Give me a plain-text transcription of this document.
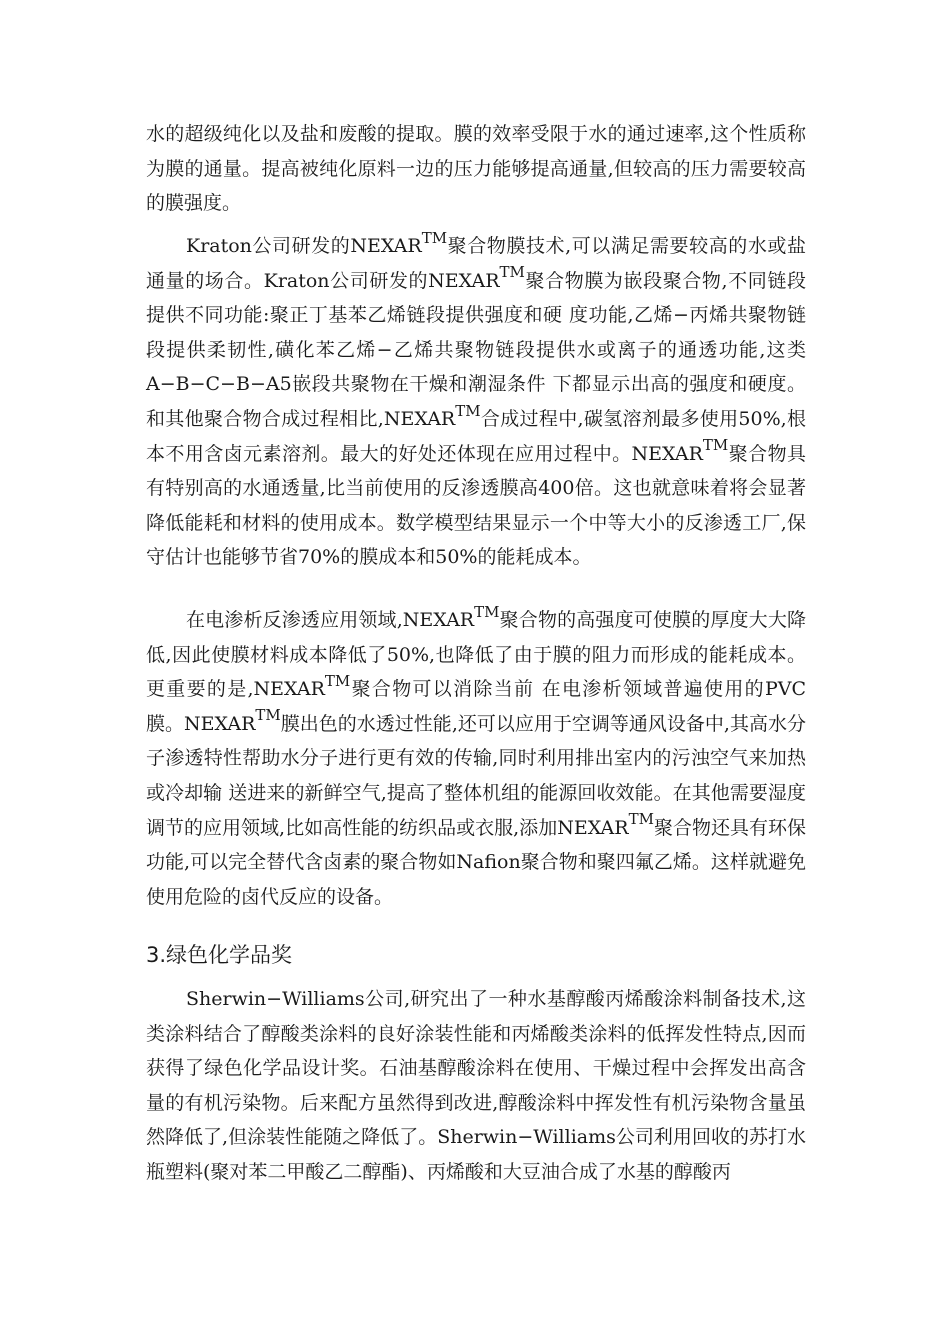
水的超级纯化以及盐和废酸的提取。膜的效率受限于水的通过速率,这个性质称为膜的通量。提高被纯化原料一边的压力能够提高通量,但较高的压力需要较高的膜强度。

Kraton公司研发的NEXAR™聚合物膜技术,可以满足需要较高的水或盐通量的场合。Kraton公司研发的NEXAR™聚合物膜为嵌段聚合物,不同链段提供不同功能:聚正丁基苯乙烯链段提供强度和硬 度功能,乙烯−丙烯共聚物链段提供柔韧性,磺化苯乙烯−乙烯共聚物链段提供水或离子的通透功能,这类A−B−C−B−A5嵌段共聚物在干燥和潮湿条件 下都显示出高的强度和硬度。和其他聚合物合成过程相比,NEXAR™合成过程中,碳氢溶剂最多使用50%,根本不用含卤元素溶剂。最大的好处还体现在应用过程中。NEXAR™聚合物具有特别高的水通透量,比当前使用的反渗透膜高400倍。这也就意味着将会显著降低能耗和材料的使用成本。数学模型结果显示一个中等大小的反渗透工厂,保守估计也能够节省70%的膜成本和50%的能耗成本。

在电渗析反渗透应用领域,NEXAR™聚合物的高强度可使膜的厚度大大降低,因此使膜材料成本降低了50%,也降低了由于膜的阻力而形成的能耗成本。更重要的是,NEXAR™聚合物可以消除当前 在电渗析领域普遍使用的PVC膜。NEXAR™膜出色的水透过性能,还可以应用于空调等通风设备中,其高水分子渗透特性帮助水分子进行更有效的传输,同时利用排出室内的污浊空气来加热或冷却输 送进来的新鲜空气,提高了整体机组的能源回收效能。在其他需要湿度调节的应用领域,比如高性能的纺织品或衣服,添加NEXAR™聚合物还具有环保功能,可以完全替代含卤素的聚合物如Nafion聚合物和聚四氟乙烯。这样就避免使用危险的卤代反应的设备。

3.绿色化学品奖

Sherwin−Williams公司,研究出了一种水基醇酸丙烯酸涂料制备技术,这类涂料结合了醇酸类涂料的良好涂装性能和丙烯酸类涂料的低挥发性特点,因而获得了绿色化学品设计奖。石油基醇酸涂料在使用、干燥过程中会挥发出高含量的有机污染物。后来配方虽然得到改进,醇酸涂料中挥发性有机污染物含量虽然降低了,但涂装性能随之降低了。Sherwin−Williams公司利用回收的苏打水瓶塑料(聚对苯二甲酸乙二醇酯)、丙烯酸和大豆油合成了水基的醇酸丙
